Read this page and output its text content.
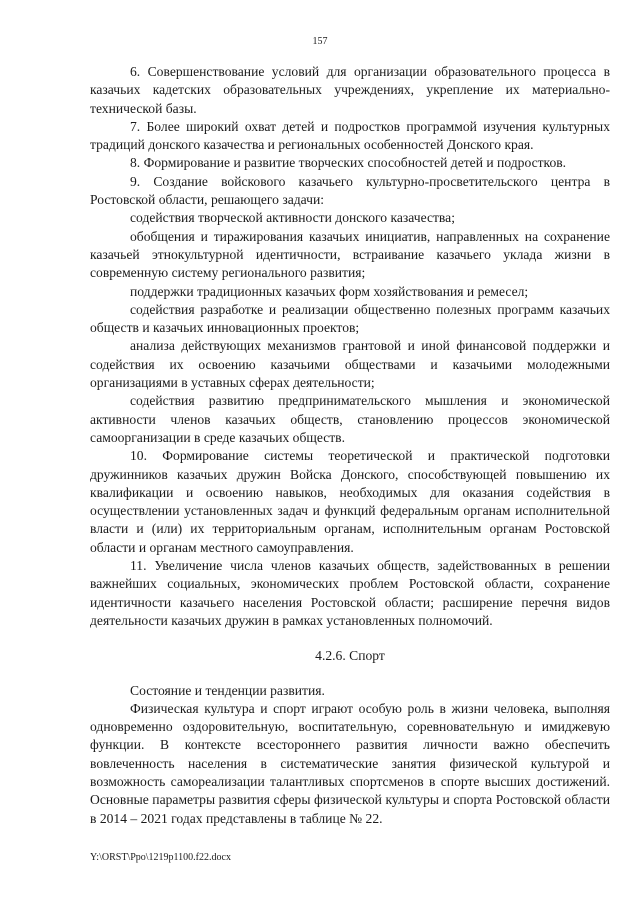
157

6. Совершенствование условий для организации образовательного процесса в казачьих кадетских образовательных учреждениях, укрепление их материально-технической базы.

7. Более широкий охват детей и подростков программой изучения культурных традиций донского казачества и региональных особенностей Донского края.

8. Формирование и развитие творческих способностей детей и подростков.

9. Создание войскового казачьего культурно-просветительского центра в Ростовской области, решающего задачи:

содействия творческой активности донского казачества;

обобщения и тиражирования казачьих инициатив, направленных на сохранение казачьей этнокультурной идентичности, встраивание казачьего уклада жизни в современную систему регионального развития;

поддержки традиционных казачьих форм хозяйствования и ремесел;

содействия разработке и реализации общественно полезных программ казачьих обществ и казачьих инновационных проектов;

анализа действующих механизмов грантовой и иной финансовой поддержки и содействия их освоению казачьими обществами и казачьими молодежными организациями в уставных сферах деятельности;

содействия развитию предпринимательского мышления и экономической активности членов казачьих обществ, становлению процессов экономической самоорганизации в среде казачьих обществ.

10. Формирование системы теоретической и практической подготовки дружинников казачьих дружин Войска Донского, способствующей повышению их квалификации и освоению навыков, необходимых для оказания содействия в осуществлении установленных задач и функций федеральным органам исполнительной власти и (или) их территориальным органам, исполнительным органам Ростовской области и органам местного самоуправления.

11. Увеличение числа членов казачьих обществ, задействованных в решении важнейших социальных, экономических проблем Ростовской области, сохранение идентичности казачьего населения Ростовской области; расширение перечня видов деятельности казачьих дружин в рамках установленных полномочий.

4.2.6. Спорт

Состояние и тенденции развития.

Физическая культура и спорт играют особую роль в жизни человека, выполняя одновременно оздоровительную, воспитательную, соревновательную и имиджевую функции. В контексте всестороннего развития личности важно обеспечить вовлеченность населения в систематические занятия физической культурой и возможность самореализации талантливых спортсменов в спорте высших достижений. Основные параметры развития сферы физической культуры и спорта Ростовской области в 2014 – 2021 годах представлены в таблице № 22.

Y:\ORST\Ppo\1219p1100.f22.docx
